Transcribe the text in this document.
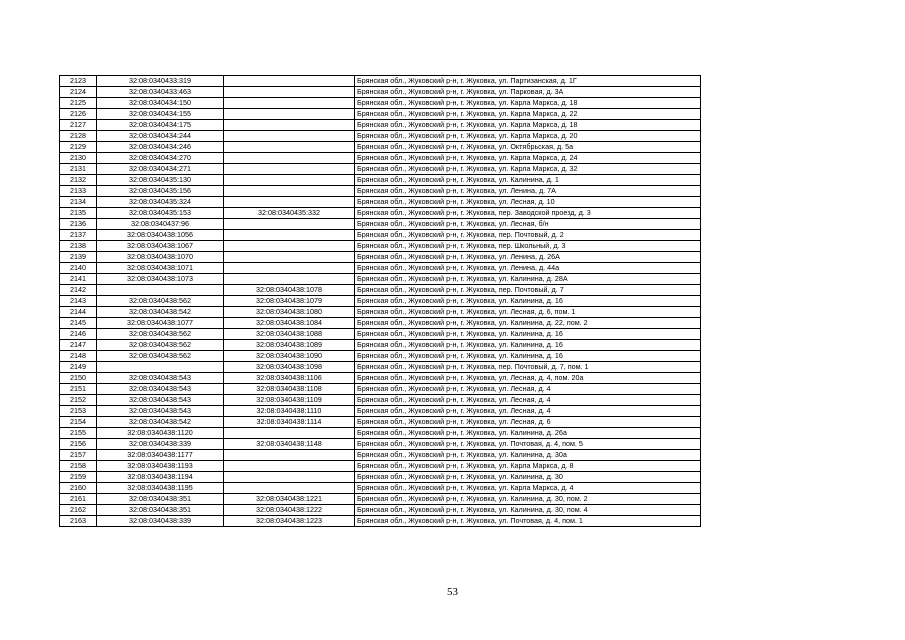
2123	32:08:0340433:319		Брянская обл., Жуковский р-н, г. Жуковка, ул. Партизанская, д. 1Г
2124	32:08:0340433:463		Брянская обл., Жуковский р-н, г. Жуковка, ул. Парковая, д. 3А
2125	32:08:0340434:150		Брянская обл., Жуковский р-н, г. Жуковка, ул. Карла Маркса, д. 18
2126	32:08:0340434:155		Брянская обл., Жуковский р-н, г. Жуковка, ул. Карла Маркса, д. 22
2127	32:08:0340434:175		Брянская обл., Жуковский р-н, г. Жуковка, ул. Карла Маркса, д. 18
2128	32:08:0340434:244		Брянская обл., Жуковский р-н, г. Жуковка, ул. Карла Маркса, д. 20
2129	32:08:0340434:246		Брянская обл., Жуковский р-н, г. Жуковка, ул. Октябрьская, д. 5а
2130	32:08:0340434:270		Брянская обл., Жуковский р-н, г. Жуковка, ул. Карла Маркса, д. 24
2131	32:08:0340434:271		Брянская обл., Жуковский р-н, г. Жуковка, ул. Карла Маркса, д. 32
2132	32:08:0340435:130		Брянская обл., Жуковский р-н, г. Жуковка, ул. Калинина, д. 1
2133	32:08:0340435:156		Брянская обл., Жуковский р-н, г. Жуковка, ул. Ленина, д. 7А
2134	32:08:0340435:324		Брянская обл., Жуковский р-н, г. Жуковка, ул. Лесная, д. 10
2135	32:08:0340435:153	32:08:0340435:332	Брянская обл., Жуковский р-н, г. Жуковка, пер. Заводской проезд, д. 3
2136	32:08:0340437:96		Брянская обл., Жуковский р-н, г. Жуковка, ул. Лесная, б/н
2137	32:08:0340438:1056		Брянская обл., Жуковский р-н, г. Жуковка, пер. Почтовый, д. 2
2138	32:08:0340438:1067		Брянская обл., Жуковский р-н, г. Жуковка, пер. Школьный, д. 3
2139	32:08:0340438:1070		Брянская обл., Жуковский р-н, г. Жуковка, ул. Ленина, д. 26А
2140	32:08:0340438:1071		Брянская обл., Жуковский р-н, г. Жуковка, ул. Ленина, д. 44а
2141	32:08:0340438:1073		Брянская обл., Жуковский р-н, г. Жуковка, ул. Калинина, д. 28А
2142		32:08:0340438:1078	Брянская обл., Жуковский р-н, г. Жуковка, пер. Почтовый, д. 7
2143	32:08:0340438:562	32:08:0340438:1079	Брянская обл., Жуковский р-н, г. Жуковка, ул. Калинина, д. 16
2144	32:08:0340438:542	32:08:0340438:1080	Брянская обл., Жуковский р-н, г. Жуковка, ул. Лесная, д. 6, пом. 1
2145	32:08:0340438:1077	32:08:0340438:1084	Брянская обл., Жуковский р-н, г. Жуковка, ул. Калинина, д. 22, пом. 2
2146	32:08:0340438:562	32:08:0340438:1088	Брянская обл., Жуковский р-н, г. Жуковка, ул. Калинина, д. 16
2147	32:08:0340438:562	32:08:0340438:1089	Брянская обл., Жуковский р-н, г. Жуковка, ул. Калинина, д. 16
2148	32:08:0340438:562	32:08:0340438:1090	Брянская обл., Жуковский р-н, г. Жуковка, ул. Калинина, д. 16
2149		32:08:0340438:1098	Брянская обл., Жуковский р-н, г. Жуковка, пер. Почтовый, д. 7, пом. 1
2150	32:08:0340438:543	32:08:0340438:1106	Брянская обл., Жуковский р-н, г. Жуковка, ул. Лесная, д. 4, пом. 20а
2151	32:08:0340438:543	32:08:0340438:1108	Брянская обл., Жуковский р-н, г. Жуковка, ул. Лесная, д. 4
2152	32:08:0340438:543	32:08:0340438:1109	Брянская обл., Жуковский р-н, г. Жуковка, ул. Лесная, д. 4
2153	32:08:0340438:543	32:08:0340438:1110	Брянская обл., Жуковский р-н, г. Жуковка, ул. Лесная, д. 4
2154	32:08:0340438:542	32:08:0340438:1114	Брянская обл., Жуковский р-н, г. Жуковка, ул. Лесная, д. 6
2155	32:08:0340438:1120		Брянская обл., Жуковский р-н, г. Жуковка, ул. Калинина, д. 26а
2156	32:08:0340438:339	32:08:0340438:1148	Брянская обл., Жуковский р-н, г. Жуковка, ул. Почтовая, д. 4, пом. 5
2157	32:08:0340438:1177		Брянская обл., Жуковский р-н, г. Жуковка, ул. Калинина, д. 30а
2158	32:08:0340438:1193		Брянская обл., Жуковский р-н, г. Жуковка, ул. Карла Маркса, д. 8
2159	32:08:0340438:1194		Брянская обл., Жуковский р-н, г. Жуковка, ул. Калинина, д. 30
2160	32:08:0340438:1195		Брянская обл., Жуковский р-н, г. Жуковка, ул. Карла Маркса, д. 4
2161	32:08:0340438:351	32:08:0340438:1221	Брянская обл., Жуковский р-н, г. Жуковка, ул. Калинина, д. 30, пом. 2
2162	32:08:0340438:351	32:08:0340438:1222	Брянская обл., Жуковский р-н, г. Жуковка, ул. Калинина, д. 30, пом. 4
2163	32:08:0340438:339	32:08:0340438:1223	Брянская обл., Жуковский р-н, г. Жуковка, ул. Почтовая, д. 4, пом. 1
53
